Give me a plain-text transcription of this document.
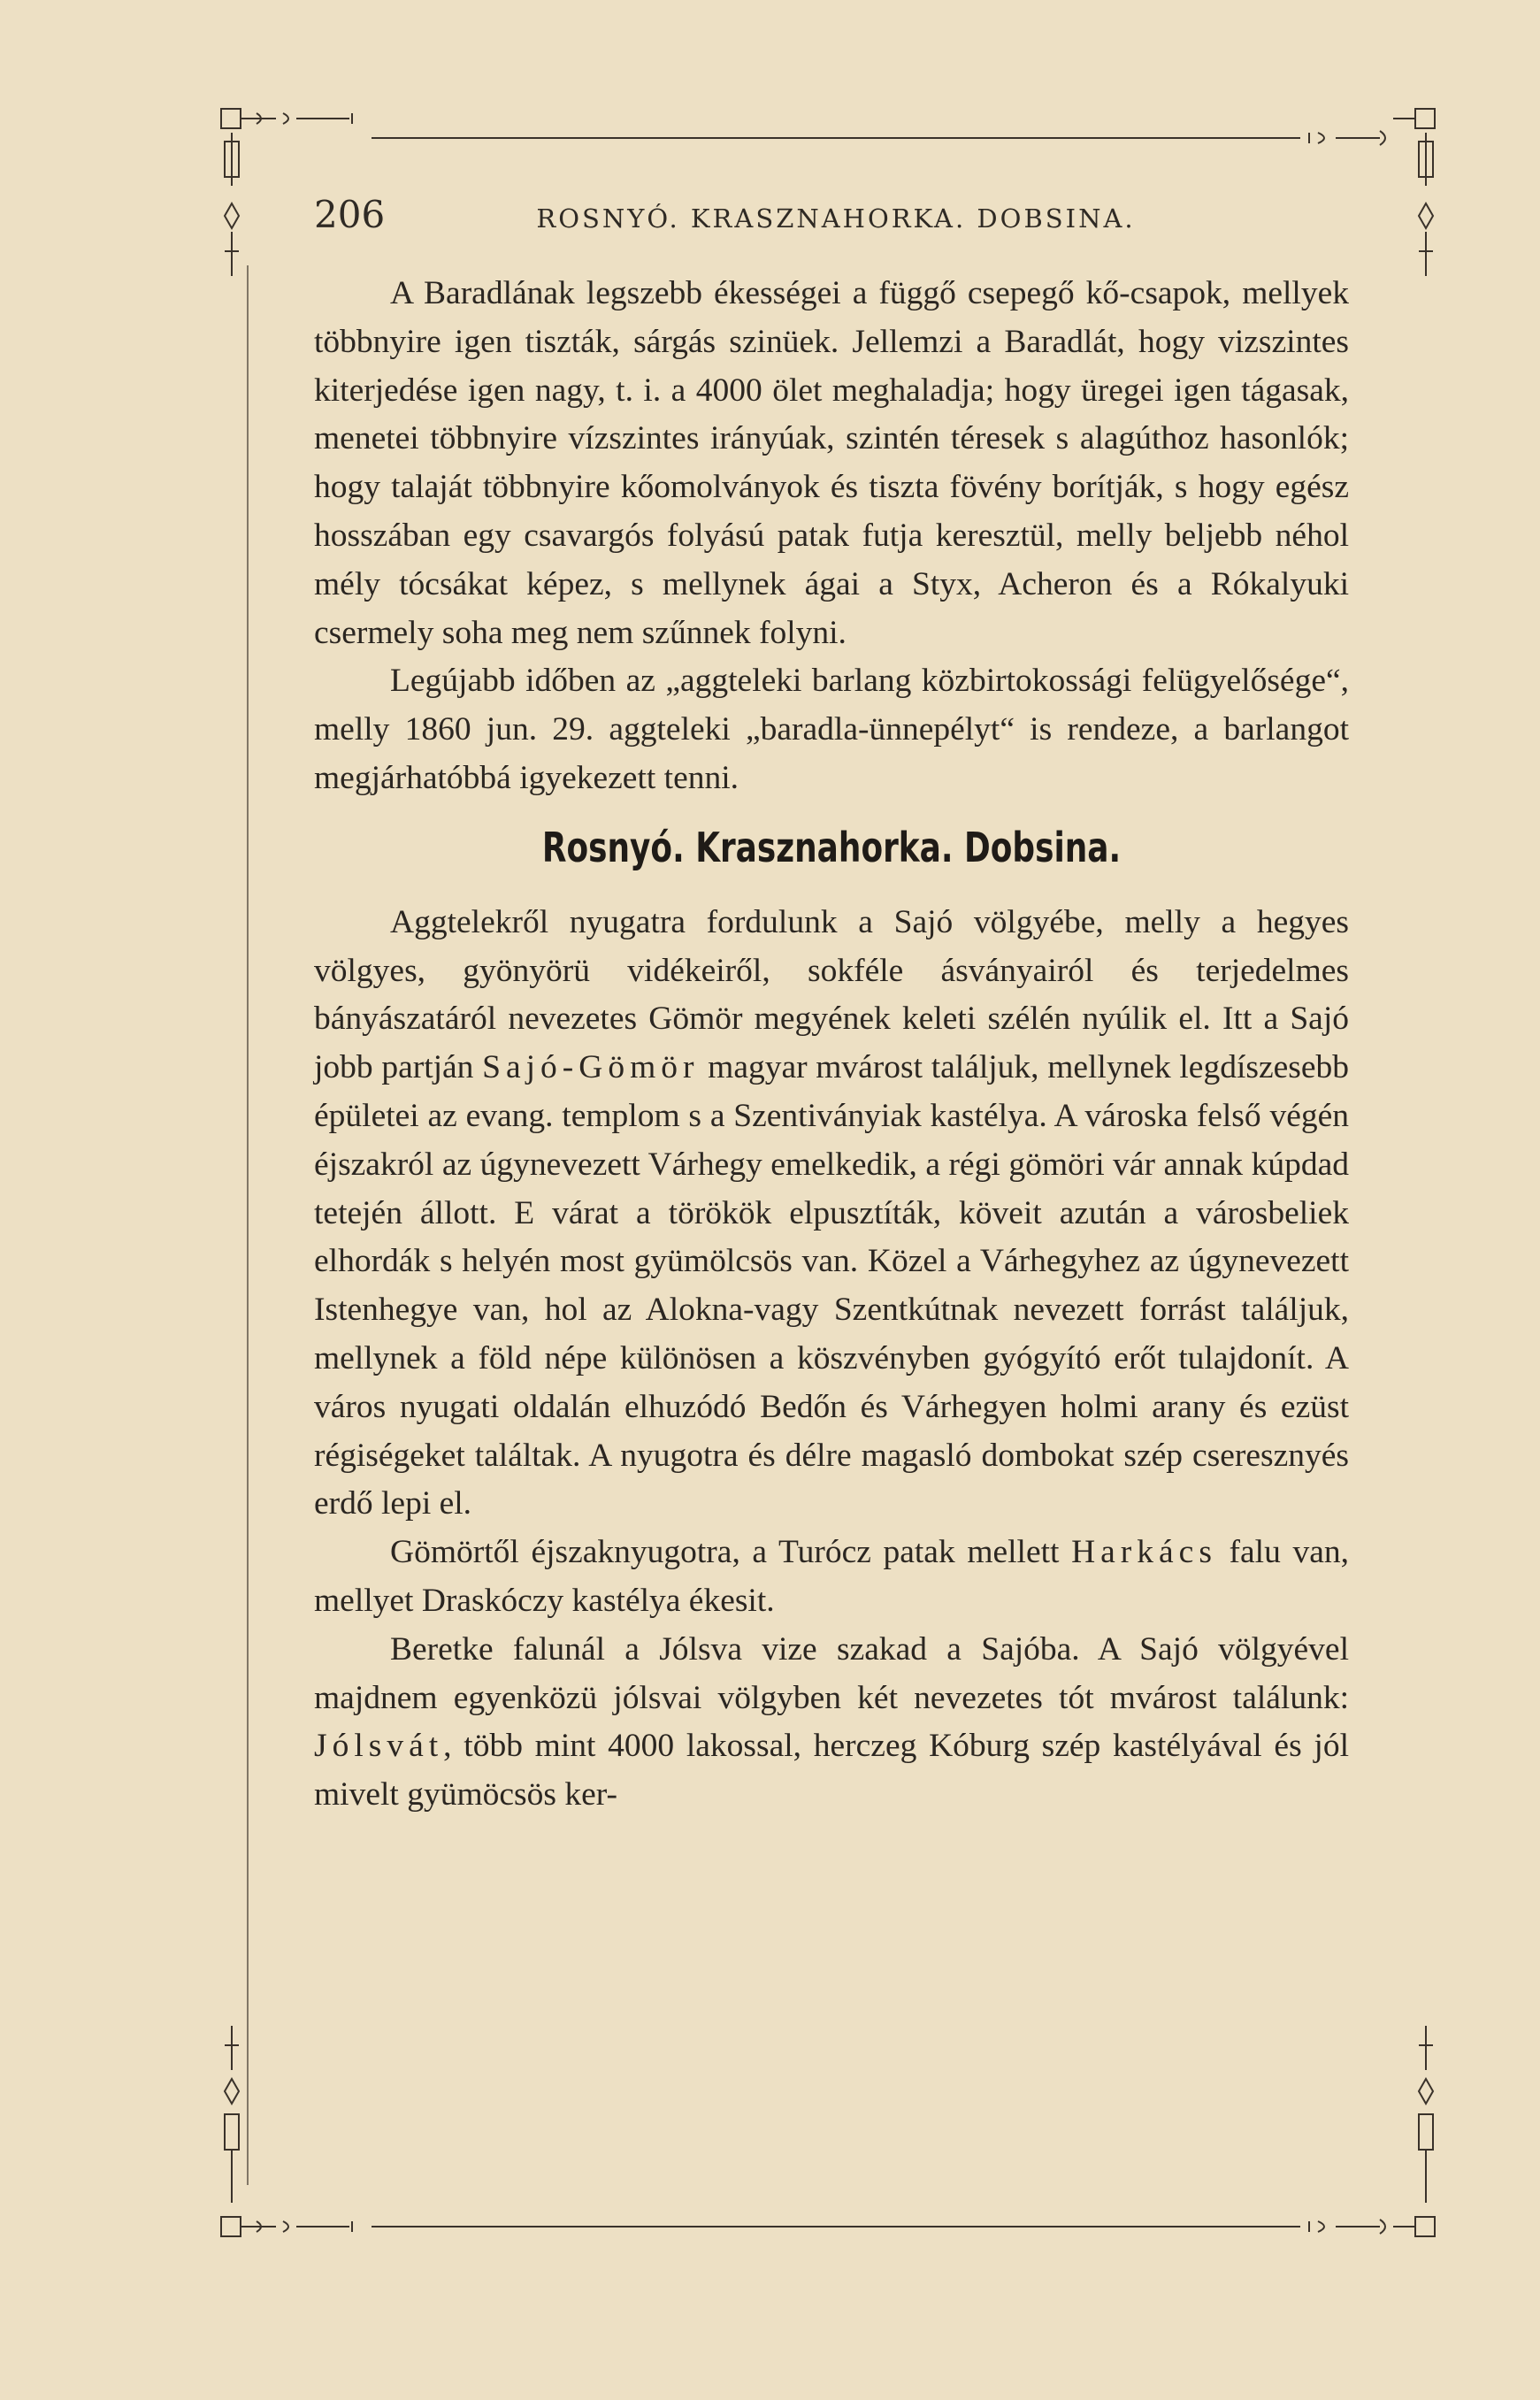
206	ROSNYÓ. KRASZNAHORKA. DOBSINA.

A Baradlának legszebb ékességei a függő csepegő kő-csapok, mellyek többnyire igen tiszták, sárgás szinüek. Jellemzi a Baradlát, hogy vizszintes kiterjedése igen nagy, t. i. a 4000 ölet meghaladja; hogy üregei igen tágasak, menetei többnyire vízszintes irányúak, szintén téresek s alagúthoz hasonlók; hogy talaját többnyire kőomolványok és tiszta fövény borítják, s hogy egész hosszában egy csavargós folyású patak futja keresztül, melly beljebb néhol mély tócsákat képez, s mellynek ágai a Styx, Acheron és a Rókalyuki csermely soha meg nem szűnnek folyni.

Legújabb időben az „aggteleki barlang közbirtokossági felügyelősége“, melly 1860 jun. 29. aggteleki „baradla-ünnepélyt“ is rendeze, a barlangot megjárhatóbbá igyekezett tenni.

Rosnyó. Krasznahorka. Dobsina.

Aggtelekről nyugatra fordulunk a Sajó völgyébe, melly a hegyes völgyes, gyönyörü vidékeiről, sokféle ásványairól és terjedelmes bányászatáról nevezetes Gömör megyének keleti szélén nyúlik el. Itt a Sajó jobb partján Sajó-Gömör magyar mvárost találjuk, mellynek legdíszesebb épületei az evang. templom s a Szentiványiak kastélya. A városka felső végén éjszakról az úgynevezett Várhegy emelkedik, a régi gömöri vár annak kúpdad tetején állott. E várat a törökök elpusztíták, köveit azután a városbeliek elhordák s helyén most gyümölcsös van. Közel a Várhegyhez az úgynevezett Istenhegye van, hol az Alokna-vagy Szentkútnak nevezett forrást találjuk, mellynek a föld népe különösen a köszvényben gyógyító erőt tulajdonít. A város nyugati oldalán elhuzódó Bedőn és Várhegyen holmi arany és ezüst régiségeket találtak. A nyugotra és délre magasló dombokat szép cseresznyés erdő lepi el.

Gömörtől éjszaknyugotra, a Turócz patak mellett Harkács falu van, mellyet Draskóczy kastélya ékesit.

Beretke falunál a Jólsva vize szakad a Sajóba. A Sajó völgyével majdnem egyenközü jólsvai völgyben két nevezetes tót mvárost találunk: Jólsvát, több mint 4000 lakossal, herczeg Kóburg szép kastélyával és jól mivelt gyümöcsös ker-
